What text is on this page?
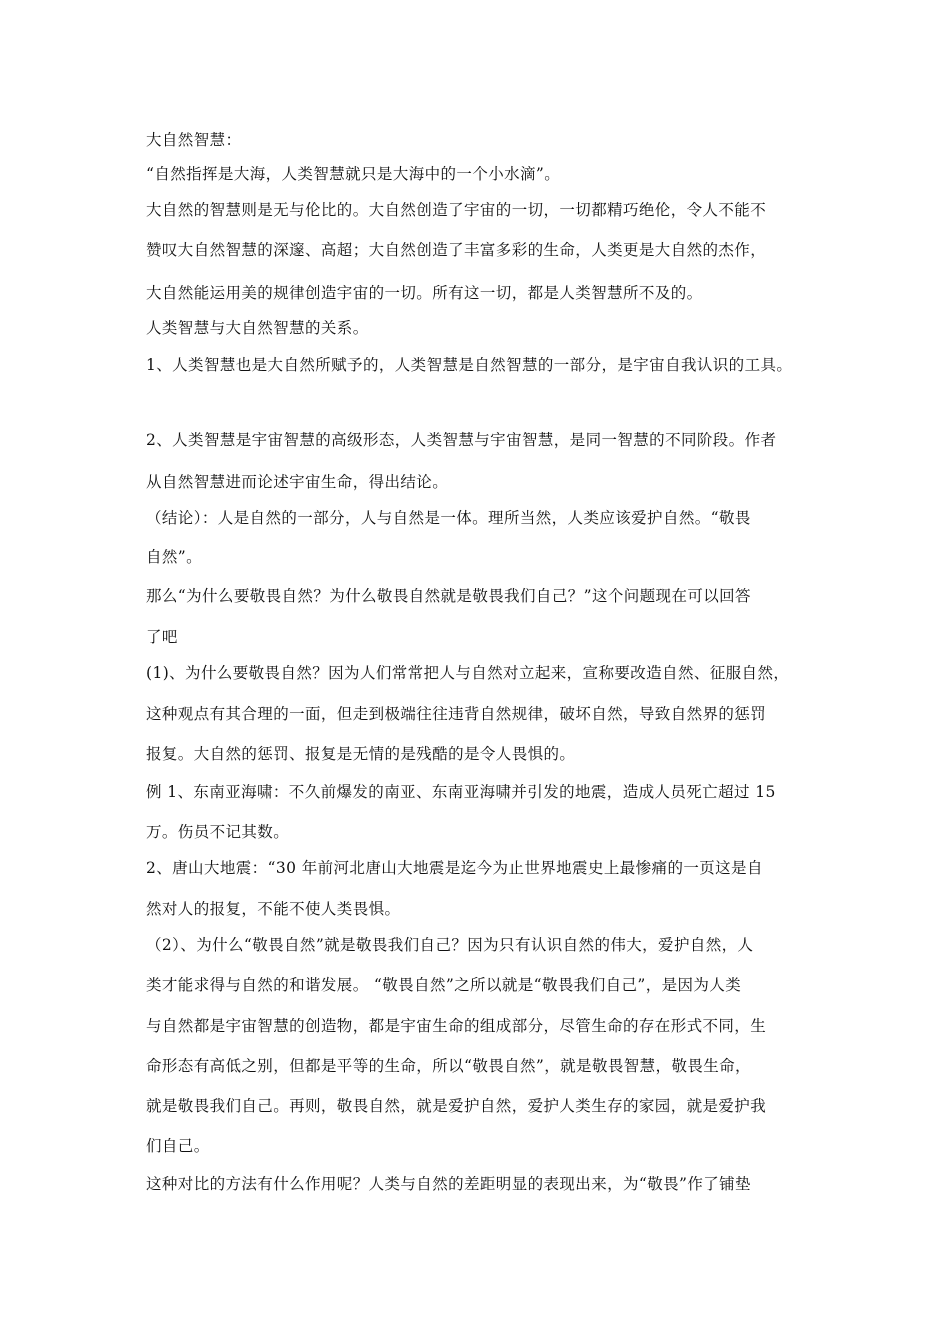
大自然智慧：
“自然指挥是大海，人类智慧就只是大海中的一个小水滴”。
大自然的智慧则是无与伦比的。大自然创造了宇宙的一切，一切都精巧绝伦，令人不能不
赞叹大自然智慧的深邃、高超；大自然创造了丰富多彩的生命，人类更是大自然的杰作，
大自然能运用美的规律创造宇宙的一切。所有这一切，都是人类智慧所不及的。
人类智慧与大自然智慧的关系。
1、人类智慧也是大自然所赋予的，人类智慧是自然智慧的一部分，是宇宙自我认识的工具。
2、人类智慧是宇宙智慧的高级形态，人类智慧与宇宙智慧，是同一智慧的不同阶段。作者
从自然智慧进而论述宇宙生命，得出结论。
（结论）：人是自然的一部分，人与自然是一体。理所当然，人类应该爱护自然。“敬畏
自然”。
那么“为什么要敬畏自然？为什么敬畏自然就是敬畏我们自己？”这个问题现在可以回答
了吧
(1)、为什么要敬畏自然？因为人们常常把人与自然对立起来，宣称要改造自然、征服自然，
这种观点有其合理的一面，但走到极端往往违背自然规律，破坏自然，导致自然界的惩罚
报复。大自然的惩罚、报复是无情的是残酷的是令人畏惧的。
例 1、东南亚海啸：不久前爆发的南亚、东南亚海啸并引发的地震，造成人员死亡超过 15
万。伤员不记其数。
2、唐山大地震：“30 年前河北唐山大地震是迄今为止世界地震史上最惨痛的一页这是自
然对人的报复，不能不使人类畏惧。
（2）、为什么“敬畏自然”就是敬畏我们自己？因为只有认识自然的伟大，爱护自然，人
类才能求得与自然的和谐发展。 “敬畏自然”之所以就是“敬畏我们自己”，是因为人类
与自然都是宇宙智慧的创造物，都是宇宙生命的组成部分，尽管生命的存在形式不同，生
命形态有高低之别，但都是平等的生命，所以“敬畏自然”，就是敬畏智慧，敬畏生命，
就是敬畏我们自己。再则，敬畏自然，就是爱护自然，爱护人类生存的家园，就是爱护我
们自己。
这种对比的方法有什么作用呢？人类与自然的差距明显的表现出来，为“敬畏”作了铺垫
